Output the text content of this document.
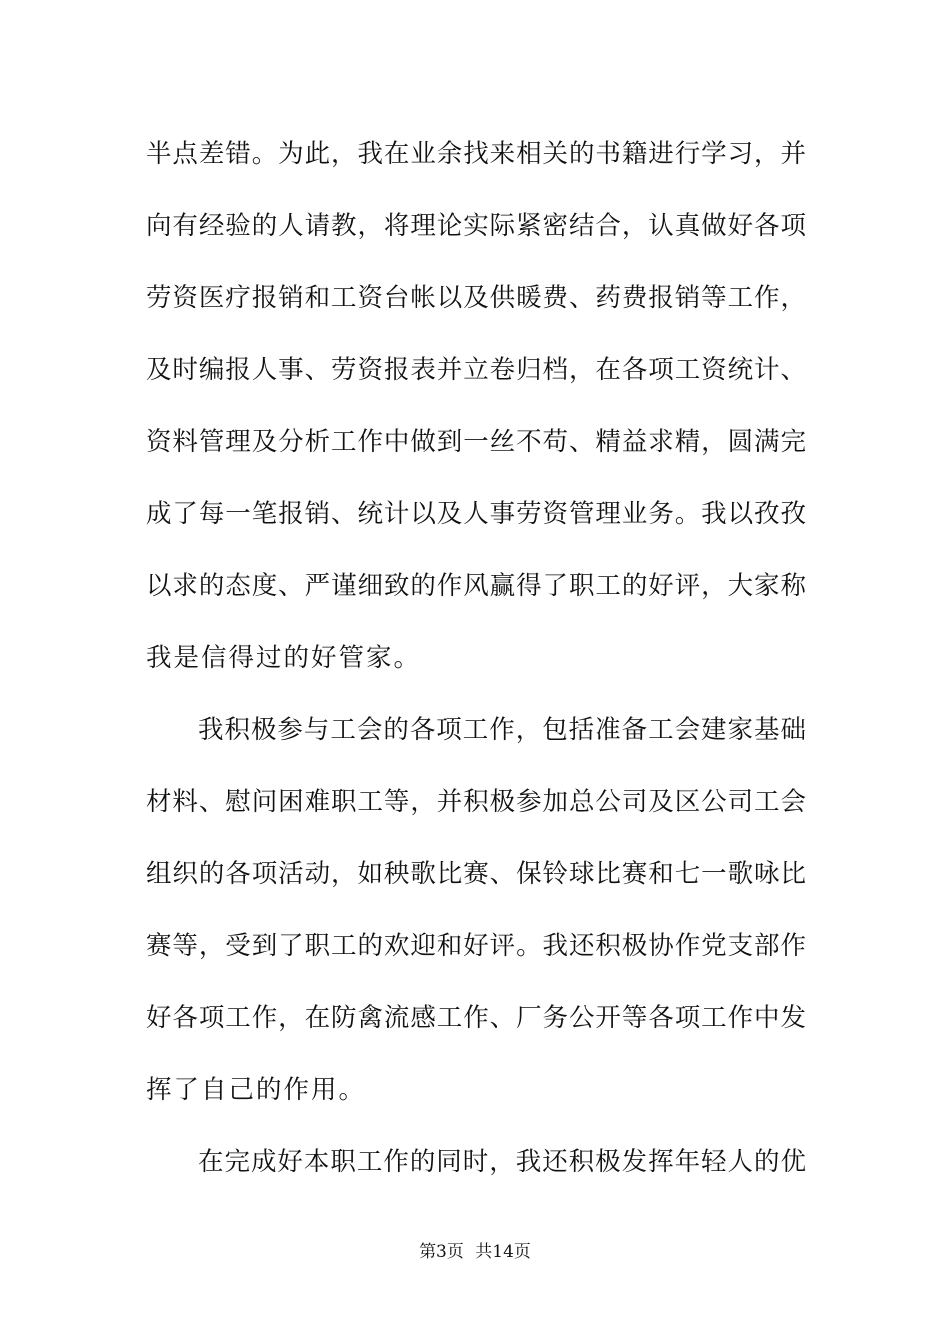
半点差错。为此，我在业余找来相关的书籍进行学习，并
向有经验的人请教，将理论实际紧密结合，认真做好各项
劳资医疗报销和工资台帐以及供暖费、药费报销等工作，
及时编报人事、劳资报表并立卷归档，在各项工资统计、
资料管理及分析工作中做到一丝不苟、精益求精，圆满完
成了每一笔报销、统计以及人事劳资管理业务。我以孜孜
以求的态度、严谨细致的作风赢得了职工的好评，大家称
我是信得过的好管家。
我积极参与工会的各项工作，包括准备工会建家基础
材料、慰问困难职工等，并积极参加总公司及区公司工会
组织的各项活动，如秧歌比赛、保铃球比赛和七一歌咏比
赛等，受到了职工的欢迎和好评。我还积极协作党支部作
好各项工作，在防禽流感工作、厂务公开等各项工作中发
挥了自己的作用。
在完成好本职工作的同时，我还积极发挥年轻人的优
第3页 共14页
